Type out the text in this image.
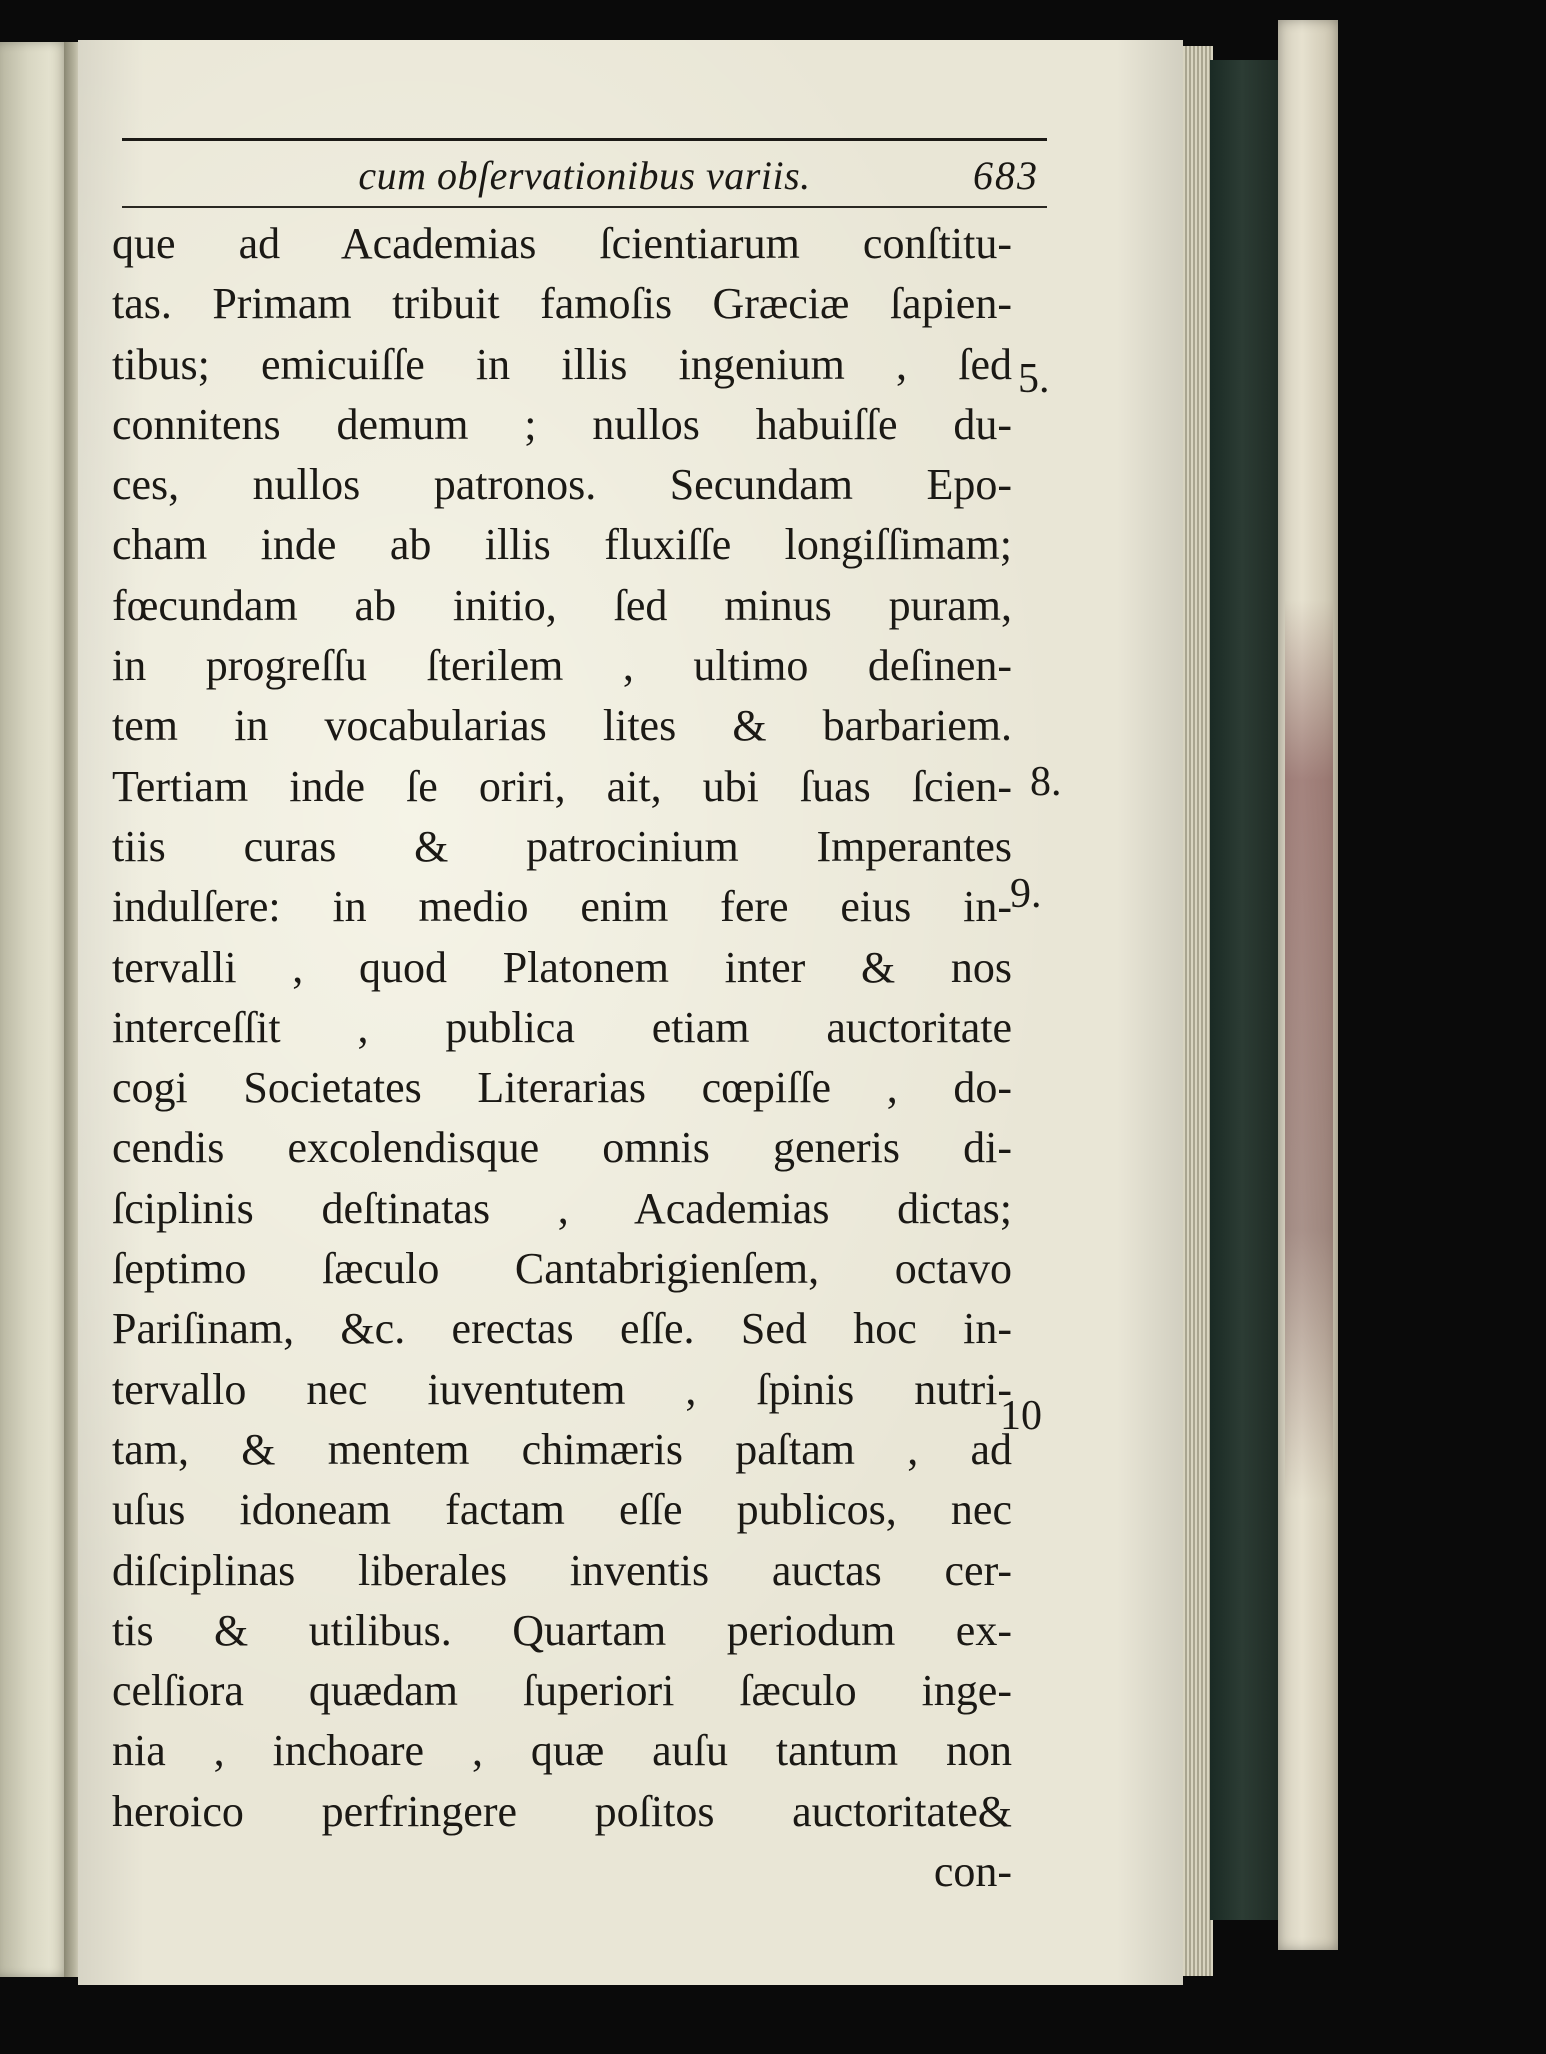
cum obſervationibus variis.	683
que ad Academias ſcientiarum conſtitu-
tas. Primam tribuit famoſis Græciæ ſapien-
tibus; emicuiſſe in illis ingenium , ſed
connitens demum ; nullos habuiſſe du-
ces, nullos patronos. Secundam Epo-
cham inde ab illis fluxiſſe longiſſimam;
fœcundam ab initio, ſed minus puram,
in progreſſu ſterilem , ultimo deſinen-
tem in vocabularias lites & barbariem.
Tertiam inde ſe oriri, ait, ubi ſuas ſcien-
tiis curas & patrocinium Imperantes
indulſere: in medio enim fere eius in-
tervalli , quod Platonem inter & nos
interceſſit , publica etiam auctoritate
cogi Societates Literarias cœpiſſe , do-
cendis excolendisque omnis generis di-
ſciplinis deſtinatas , Academias dictas;
ſeptimo ſæculo Cantabrigienſem, octavo
Pariſinam, &c. erectas eſſe. Sed hoc in-
tervallo nec iuventutem , ſpinis nutri-
tam, & mentem chimæris paſtam , ad
uſus idoneam factam eſſe publicos, nec
diſciplinas liberales inventis auctas cer-
tis & utilibus. Quartam periodum ex-
celſiora quædam ſuperiori ſæculo inge-
nia , inchoare , quæ auſu tantum non
heroico perfringere poſitos auctoritate&
con-
5.
8.
9.
10
